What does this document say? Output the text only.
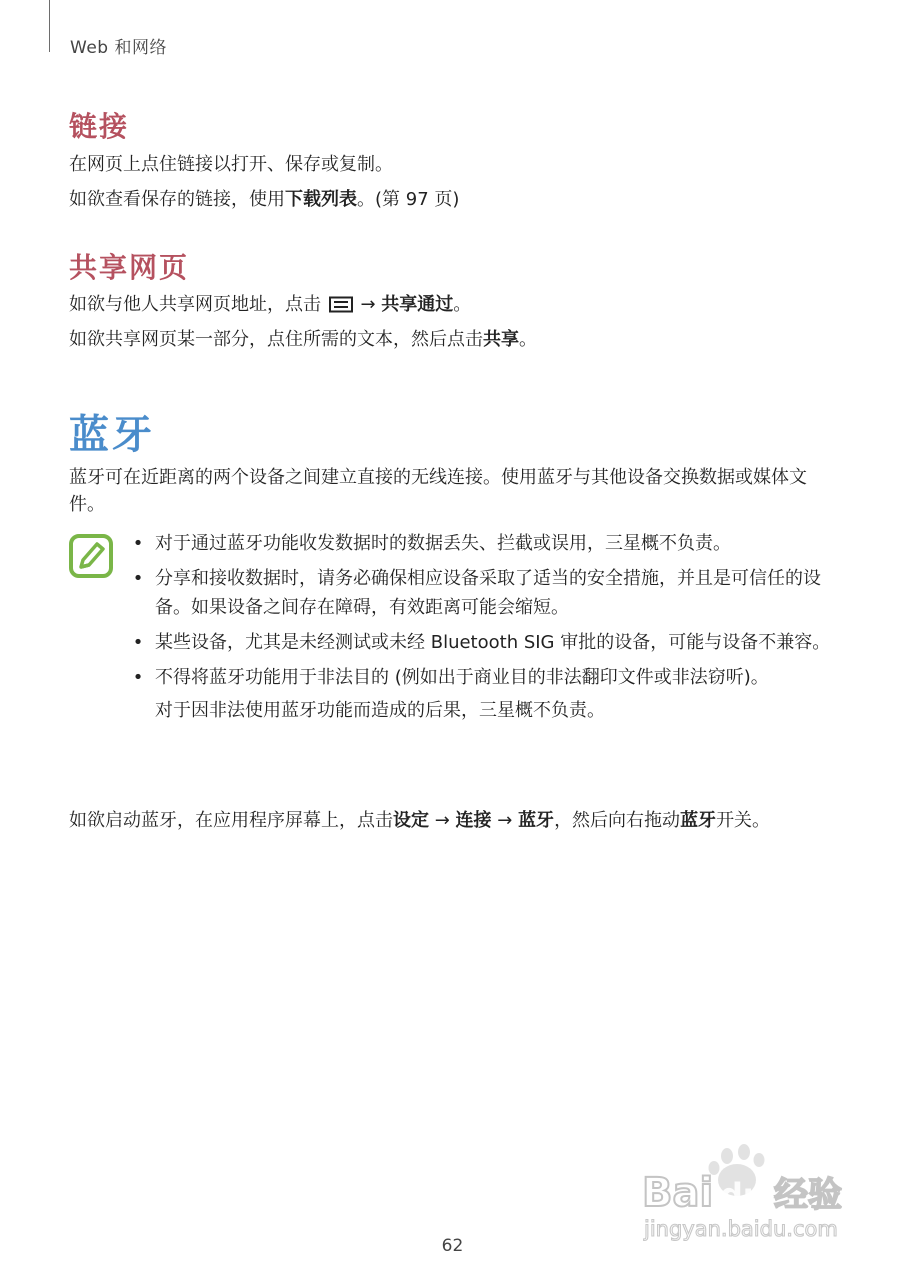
Web 和网络
链接
在网页上点住链接以打开、保存或复制。
如欲查看保存的链接，使用下载列表。(第 97 页)
共享网页
如欲与他人共享网页地址，点击 → 共享通过。
如欲共享网页某一部分，点住所需的文本，然后点击共享。
蓝牙
蓝牙可在近距离的两个设备之间建立直接的无线连接。使用蓝牙与其他设备交换数据或媒体文件。
• 对于通过蓝牙功能收发数据时的数据丢失、拦截或误用，三星概不负责。
• 分享和接收数据时，请务必确保相应设备采取了适当的安全措施，并且是可信任的设备。如果设备之间存在障碍，有效距离可能会缩短。
• 某些设备，尤其是未经测试或未经 Bluetooth SIG 审批的设备，可能与设备不兼容。
• 不得将蓝牙功能用于非法目的 (例如出于商业目的非法翻印文件或非法窃听)。
对于因非法使用蓝牙功能而造成的后果，三星概不负责。
如欲启动蓝牙，在应用程序屏幕上，点击设定 → 连接 → 蓝牙，然后向右拖动蓝牙开关。
Bai du 经验
jingyan.baidu.com
62
